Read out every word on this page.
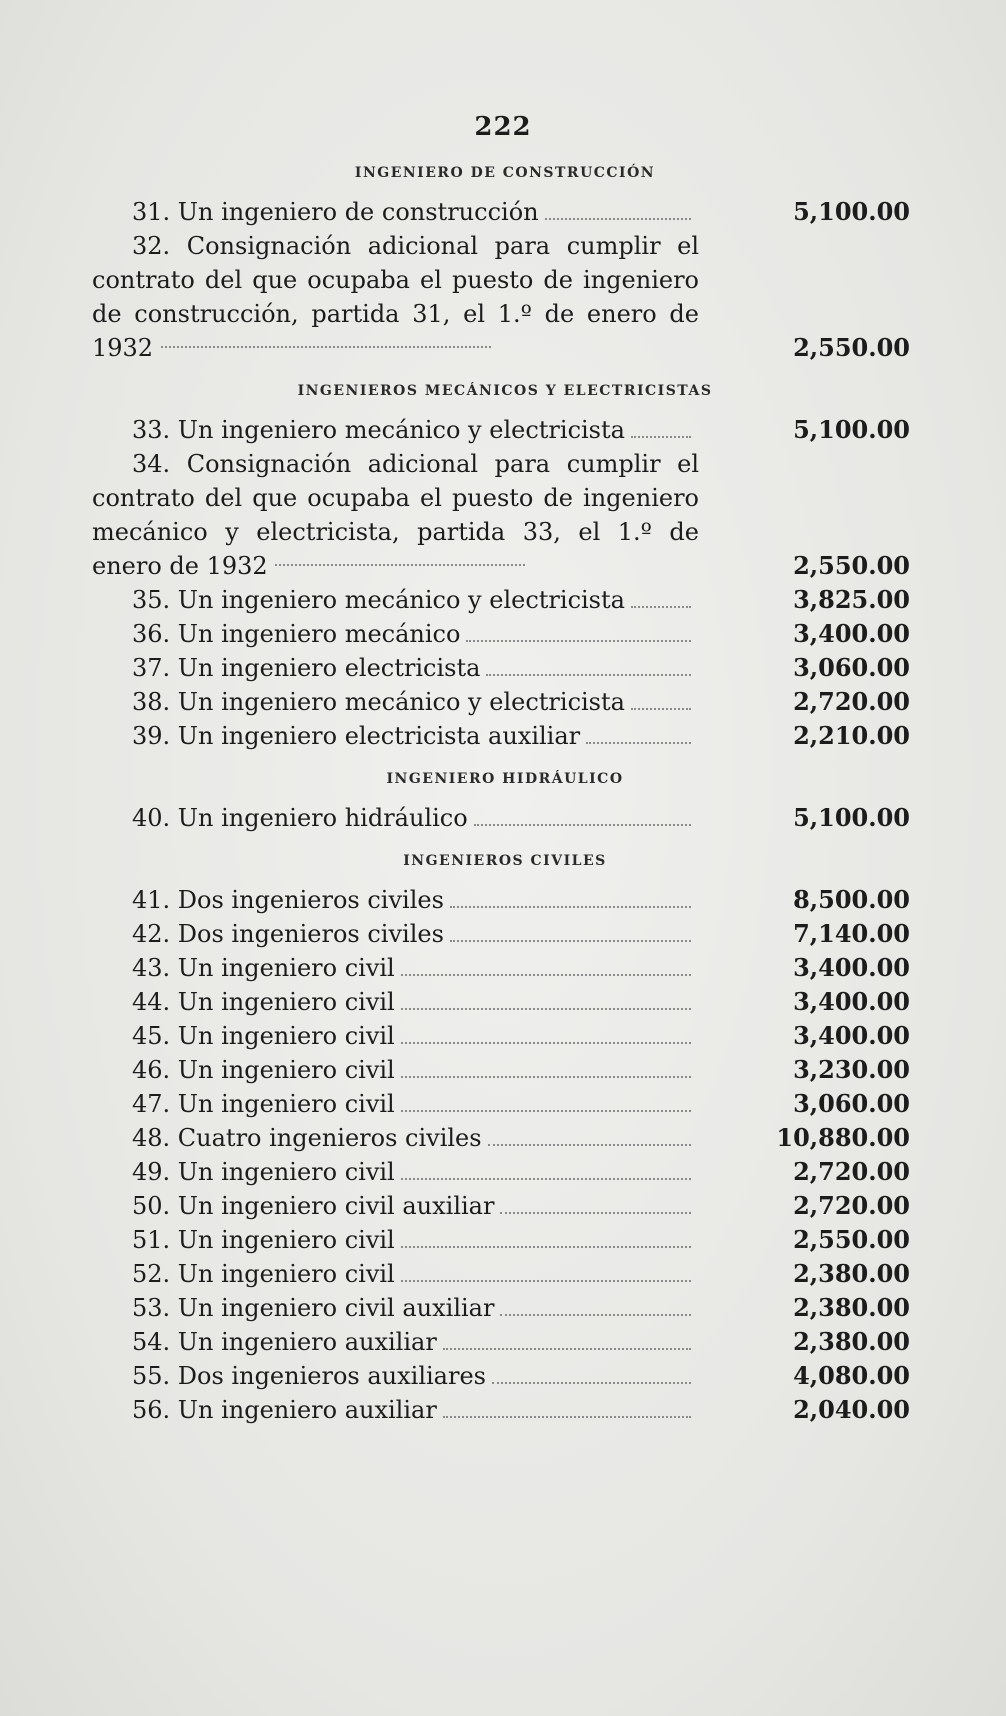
222
INGENIERO DE CONSTRUCCIÓN
31. Un ingeniero de construcción	5,100.00
32. Consignación adicional para cumplir el contrato del que ocupaba el puesto de ingeniero de construcción, partida 31, el 1.º de enero de 1932	2,550.00
INGENIEROS MECÁNICOS Y ELECTRICISTAS
33. Un ingeniero mecánico y electricista	5,100.00
34. Consignación adicional para cumplir el contrato del que ocupaba el puesto de ingeniero mecánico y electricista, partida 33, el 1.º de enero de 1932	2,550.00
35. Un ingeniero mecánico y electricista	3,825.00
36. Un ingeniero mecánico	3,400.00
37. Un ingeniero electricista	3,060.00
38. Un ingeniero mecánico y electricista	2,720.00
39. Un ingeniero electricista auxiliar	2,210.00
INGENIERO HIDRÁULICO
40. Un ingeniero hidráulico	5,100.00
INGENIEROS CIVILES
41. Dos ingenieros civiles	8,500.00
42. Dos ingenieros civiles	7,140.00
43. Un ingeniero civil	3,400.00
44. Un ingeniero civil	3,400.00
45. Un ingeniero civil	3,400.00
46. Un ingeniero civil	3,230.00
47. Un ingeniero civil	3,060.00
48. Cuatro ingenieros civiles	10,880.00
49. Un ingeniero civil	2,720.00
50. Un ingeniero civil auxiliar	2,720.00
51. Un ingeniero civil	2,550.00
52. Un ingeniero civil	2,380.00
53. Un ingeniero civil auxiliar	2,380.00
54. Un ingeniero auxiliar	2,380.00
55. Dos ingenieros auxiliares	4,080.00
56. Un ingeniero auxiliar	2,040.00
